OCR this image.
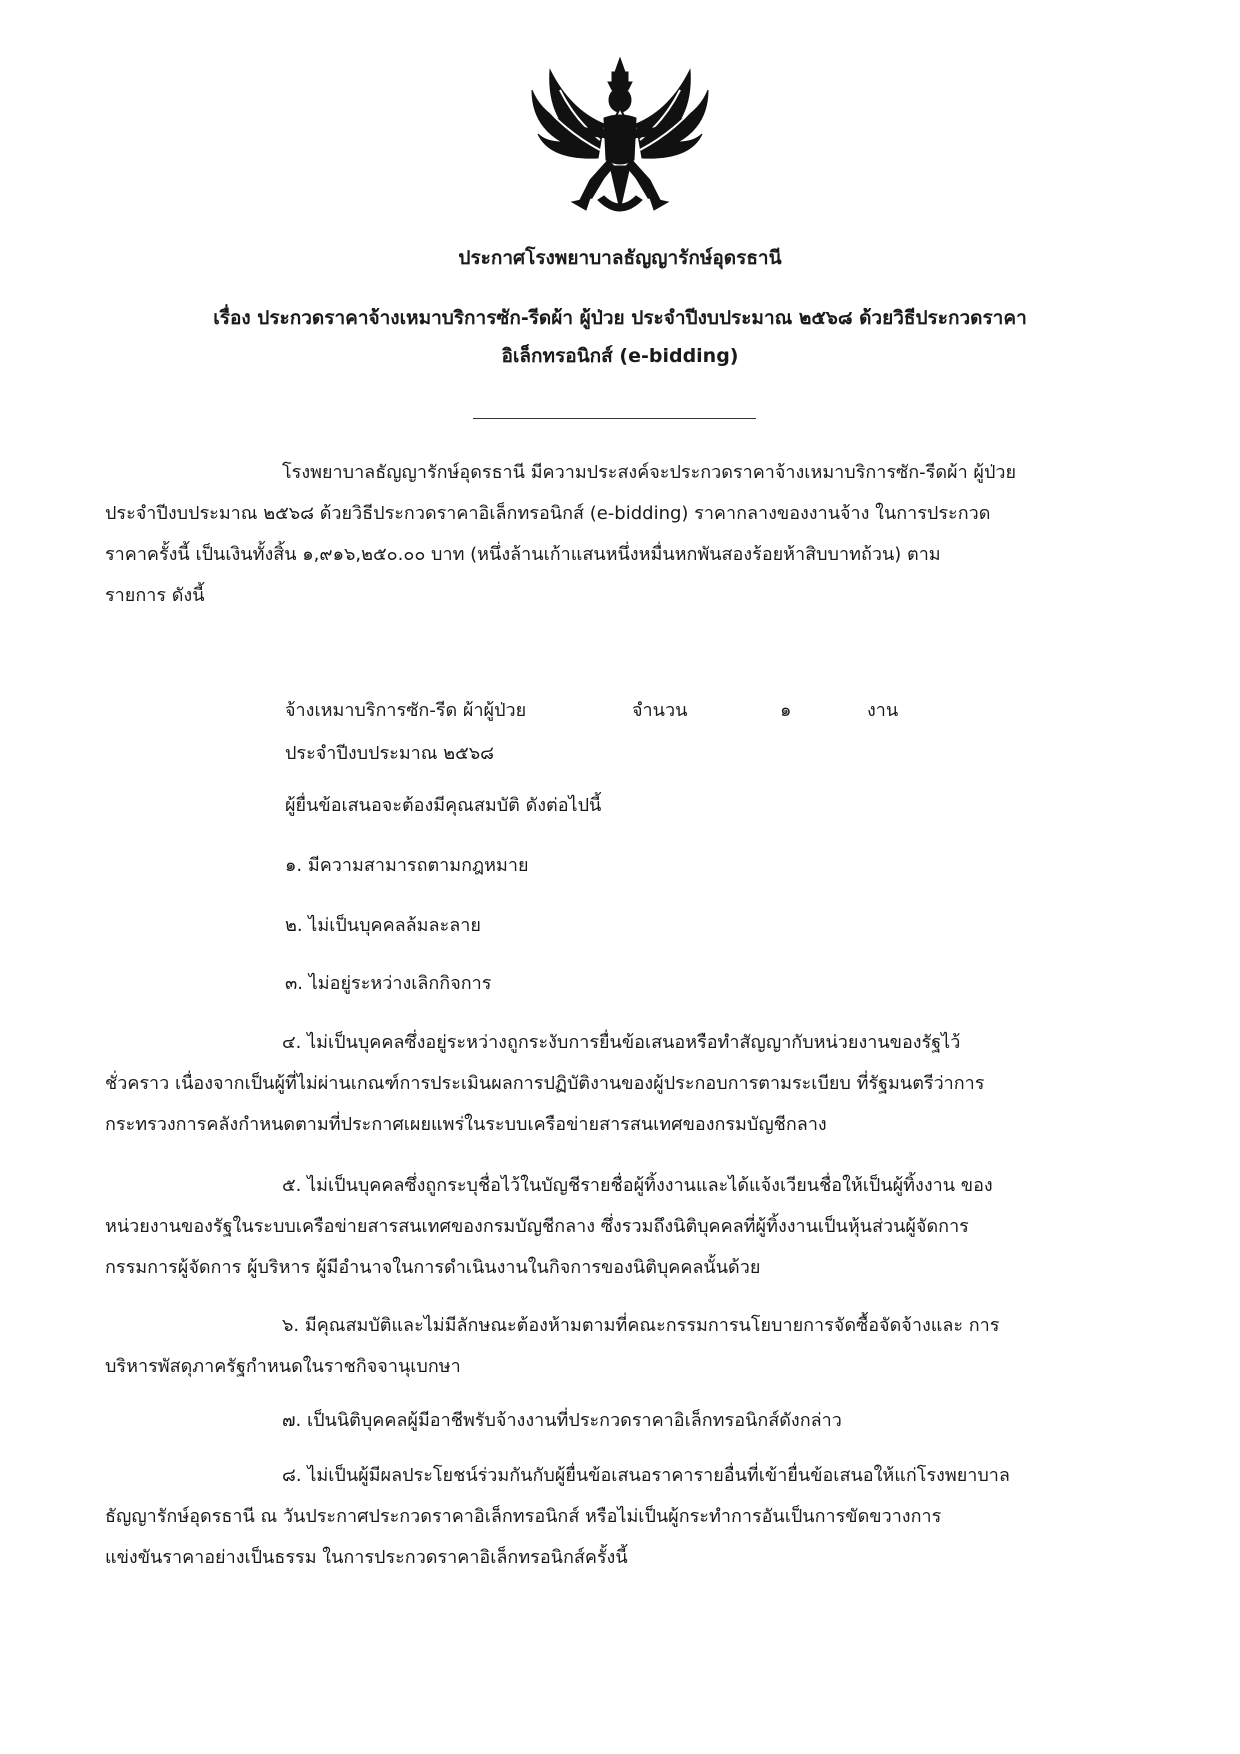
ประกาศโรงพยาบาลธัญญารักษ์อุดรธานี
เรื่อง ประกวดราคาจ้างเหมาบริการซัก-รีดผ้า ผู้ป่วย ประจำปีงบประมาณ ๒๕๖๘ ด้วยวิธีประกวดราคา
อิเล็กทรอนิกส์ (e-bidding)
โรงพยาบาลธัญญารักษ์อุดรธานี มีความประสงค์จะประกวดราคาจ้างเหมาบริการซัก-รีดผ้า ผู้ป่วย
ประจำปีงบประมาณ ๒๕๖๘ ด้วยวิธีประกวดราคาอิเล็กทรอนิกส์ (e-bidding) ราคากลางของงานจ้าง ในการประกวด
ราคาครั้งนี้ เป็นเงินทั้งสิ้น ๑,๙๑๖,๒๕๐.๐๐ บาท (หนึ่งล้านเก้าแสนหนึ่งหมื่นหกพันสองร้อยห้าสิบบาทถ้วน) ตาม
รายการ ดังนี้
จ้างเหมาบริการซัก-รีด ผ้าผู้ป่วย	จำนวน	๑	งาน
ประจำปีงบประมาณ ๒๕๖๘
ผู้ยื่นข้อเสนอจะต้องมีคุณสมบัติ ดังต่อไปนี้
๑. มีความสามารถตามกฎหมาย
๒. ไม่เป็นบุคคลล้มละลาย
๓. ไม่อยู่ระหว่างเลิกกิจการ
๔. ไม่เป็นบุคคลซึ่งอยู่ระหว่างถูกระงับการยื่นข้อเสนอหรือทำสัญญากับหน่วยงานของรัฐไว้
ชั่วคราว เนื่องจากเป็นผู้ที่ไม่ผ่านเกณฑ์การประเมินผลการปฏิบัติงานของผู้ประกอบการตามระเบียบ ที่รัฐมนตรีว่าการ
กระทรวงการคลังกำหนดตามที่ประกาศเผยแพร่ในระบบเครือข่ายสารสนเทศของกรมบัญชีกลาง
๕. ไม่เป็นบุคคลซึ่งถูกระบุชื่อไว้ในบัญชีรายชื่อผู้ทิ้งงานและได้แจ้งเวียนชื่อให้เป็นผู้ทิ้งงาน ของ
หน่วยงานของรัฐในระบบเครือข่ายสารสนเทศของกรมบัญชีกลาง ซึ่งรวมถึงนิติบุคคลที่ผู้ทิ้งงานเป็นหุ้นส่วนผู้จัดการ
กรรมการผู้จัดการ ผู้บริหาร ผู้มีอำนาจในการดำเนินงานในกิจการของนิติบุคคลนั้นด้วย
๖. มีคุณสมบัติและไม่มีลักษณะต้องห้ามตามที่คณะกรรมการนโยบายการจัดซื้อจัดจ้างและ การ
บริหารพัสดุภาครัฐกำหนดในราชกิจจานุเบกษา
๗. เป็นนิติบุคคลผู้มีอาชีพรับจ้างงานที่ประกวดราคาอิเล็กทรอนิกส์ดังกล่าว
๘. ไม่เป็นผู้มีผลประโยชน์ร่วมกันกับผู้ยื่นข้อเสนอราคารายอื่นที่เข้ายื่นข้อเสนอให้แก่โรงพยาบาล
ธัญญารักษ์อุดรธานี ณ วันประกาศประกวดราคาอิเล็กทรอนิกส์ หรือไม่เป็นผู้กระทำการอันเป็นการขัดขวางการ
แข่งขันราคาอย่างเป็นธรรม ในการประกวดราคาอิเล็กทรอนิกส์ครั้งนี้
